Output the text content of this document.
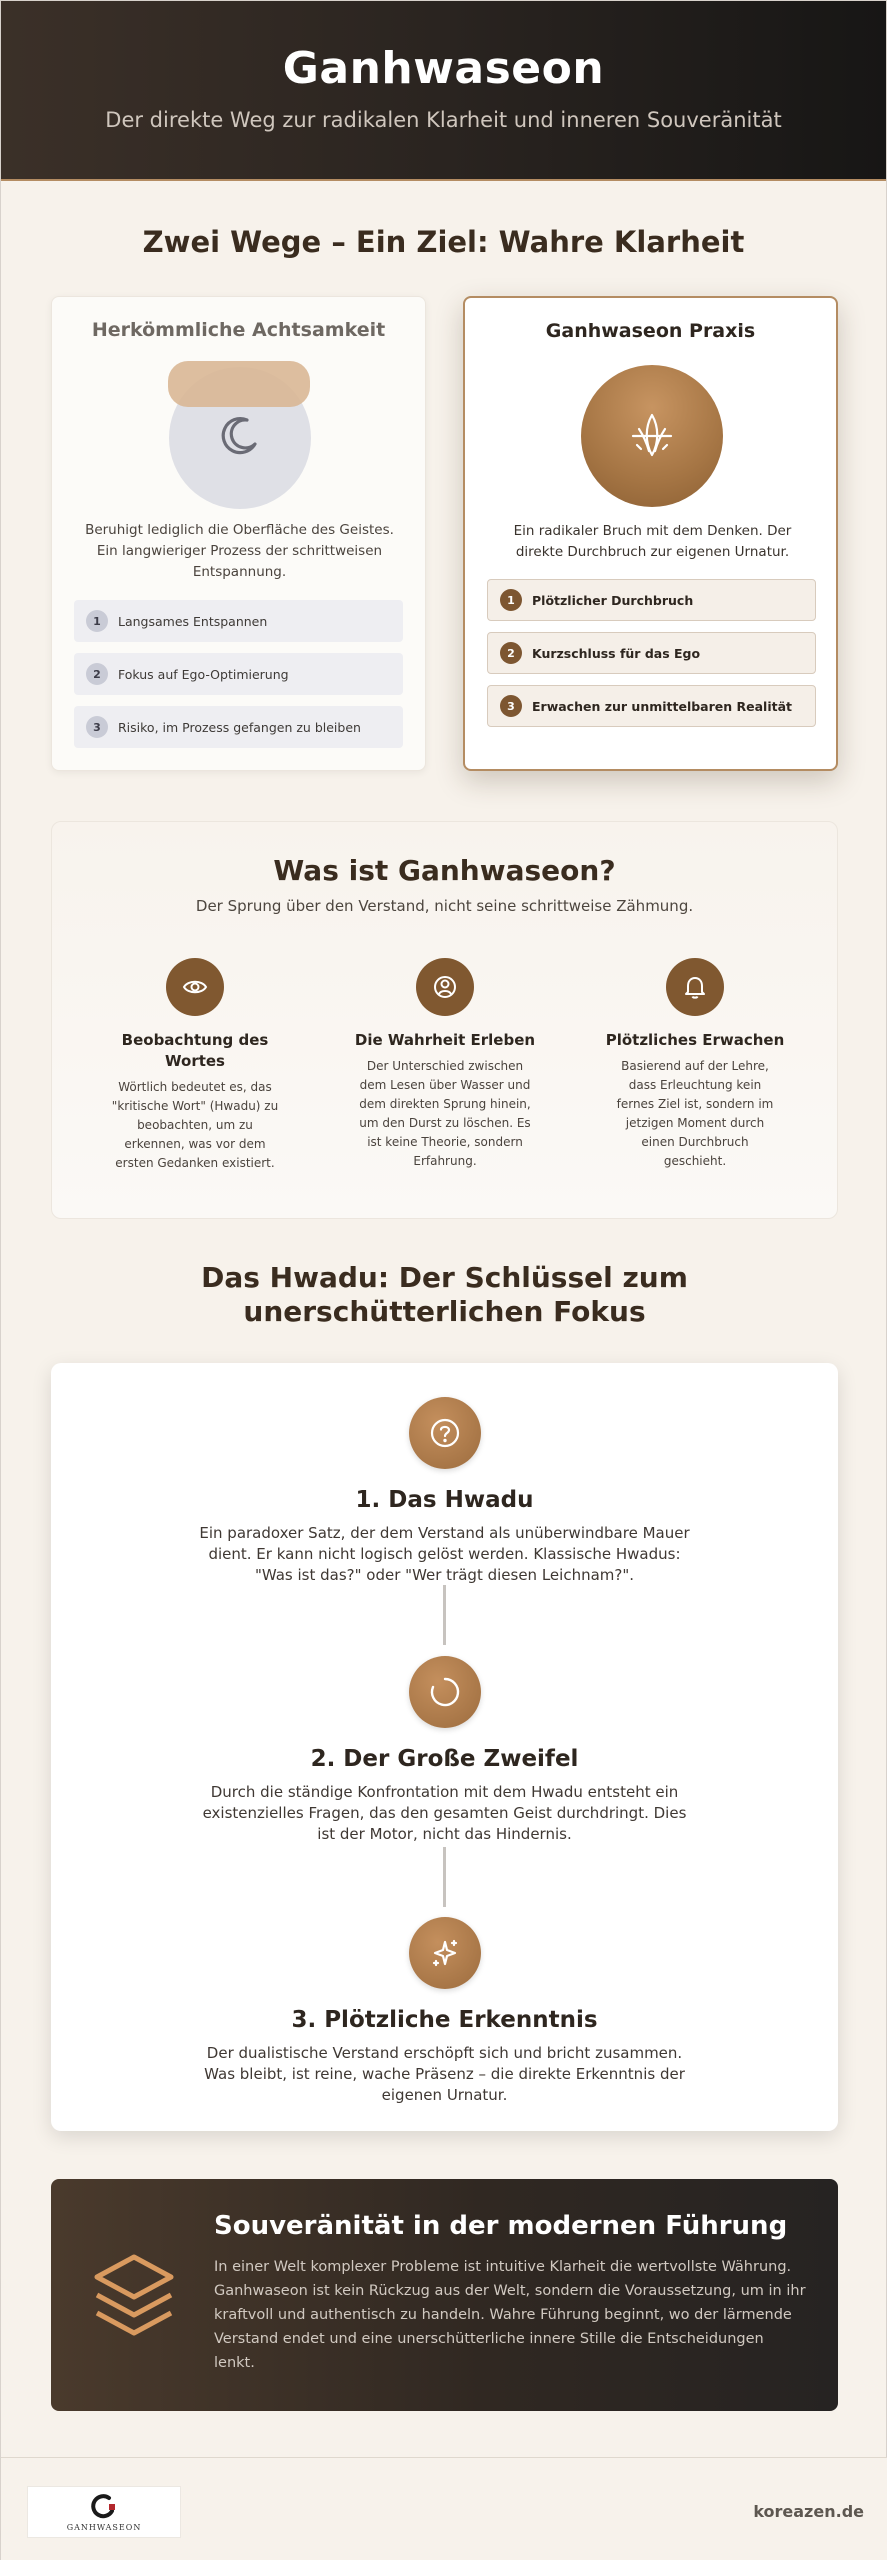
Ganhwaseon

Der direkte Weg zur radikalen Klarheit und inneren Souveränität

Zwei Wege – Ein Ziel: Wahre Klarheit
Herkömmliche Achtsamkeit

Beruhigt lediglich die Oberfläche des Geistes. Ein langwieriger Prozess der schrittweisen Entspannung.

1	Langsames Entspannen
2	Fokus auf Ego-Optimierung
3	Risiko, im Prozess gefangen zu bleiben
Ganhwaseon Praxis

Ein radikaler Bruch mit dem Denken. Der direkte Durchbruch zur eigenen Urnatur.

1	Plötzlicher Durchbruch
2	Kurzschluss für das Ego
3	Erwachen zur unmittelbaren Realität
Was ist Ganhwaseon?

Der Sprung über den Verstand, nicht seine schrittweise Zähmung.

Beobachtung des Wortes

Wörtlich bedeutet es, das "kritische Wort" (Hwadu) zu beobachten, um zu erkennen, was vor dem ersten Gedanken existiert.

Die Wahrheit Erleben

Der Unterschied zwischen dem Lesen über Wasser und dem direkten Sprung hinein, um den Durst zu löschen. Es ist keine Theorie, sondern Erfahrung.

Plötzliches Erwachen

Basierend auf der Lehre, dass Erleuchtung kein fernes Ziel ist, sondern im jetzigen Moment durch einen Durchbruch geschieht.

Das Hwadu: Der Schlüssel zum unerschütterlichen Fokus
1. Das Hwadu

Ein paradoxer Satz, der dem Verstand als unüberwindbare Mauer dient. Er kann nicht logisch gelöst werden. Klassische Hwadus: "Was ist das?" oder "Wer trägt diesen Leichnam?".

2. Der Große Zweifel

Durch die ständige Konfrontation mit dem Hwadu entsteht ein existenzielles Fragen, das den gesamten Geist durchdringt. Dies ist der Motor, nicht das Hindernis.

3. Plötzliche Erkenntnis

Der dualistische Verstand erschöpft sich und bricht zusammen. Was bleibt, ist reine, wache Präsenz – die direkte Erkenntnis der eigenen Urnatur.

Souveränität in der modernen Führung

In einer Welt komplexer Probleme ist intuitive Klarheit die wertvollste Währung. Ganhwaseon ist kein Rückzug aus der Welt, sondern die Voraussetzung, um in ihr kraftvoll und authentisch zu handeln. Wahre Führung beginnt, wo der lärmende Verstand endet und eine unerschütterliche innere Stille die Entscheidungen lenkt.

GANHWASEON
koreazen.de
